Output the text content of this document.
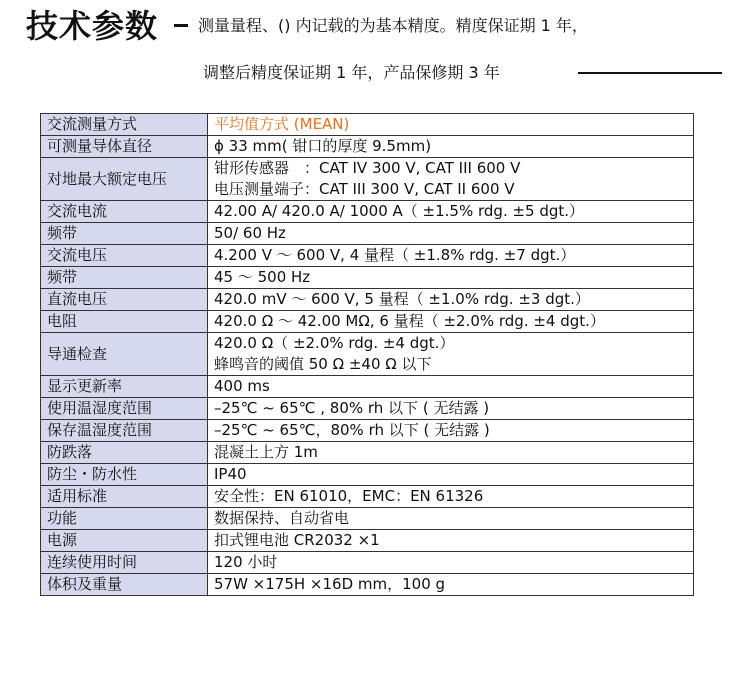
技术参数 测量量程、() 内记载的为基本精度。精度保证期 1 年，
调整后精度保证期 1 年，产品保修期 3 年
交流测量方式	平均值方式 (MEAN)

可测量导体直径	ϕ 33 mm( 钳口的厚度 9.5mm)

对地最大额定电压	钳形传感器　：CAT IV 300 V, CAT III 600 V
电压测量端子：CAT III 300 V, CAT II 600 V

交流电流	42.00 A/ 420.0 A/ 1000 A（ ±1.5% rdg. ±5 dgt.）

频带	50/ 60 Hz

交流电压	4.200 V ～ 600 V, 4 量程（ ±1.8% rdg. ±7 dgt.）

频带	45 ～ 500 Hz

直流电压	420.0 mV ～ 600 V, 5 量程（ ±1.0% rdg. ±3 dgt.）

电阻	420.0 Ω ～ 42.00 MΩ, 6 量程（ ±2.0% rdg. ±4 dgt.）

导通检查	420.0 Ω（ ±2.0% rdg. ±4 dgt.）
蜂鸣音的阈值 50 Ω ±40 Ω 以下

显示更新率	400 ms

使用温湿度范围	–25℃ ~ 65℃ , 80% rh 以下 ( 无结露 )

保存温湿度范围	–25℃ ~ 65℃，80% rh 以下 ( 无结露 )

防跌落	混凝土上方 1m

防尘・防水性	IP40

适用标准	安全性：EN 61010，EMC：EN 61326

功能	数据保持、自动省电

电源	扣式锂电池 CR2032 ×1

连续使用时间	120 小时

体积及重量	57W ×175H ×16D mm，100 g
